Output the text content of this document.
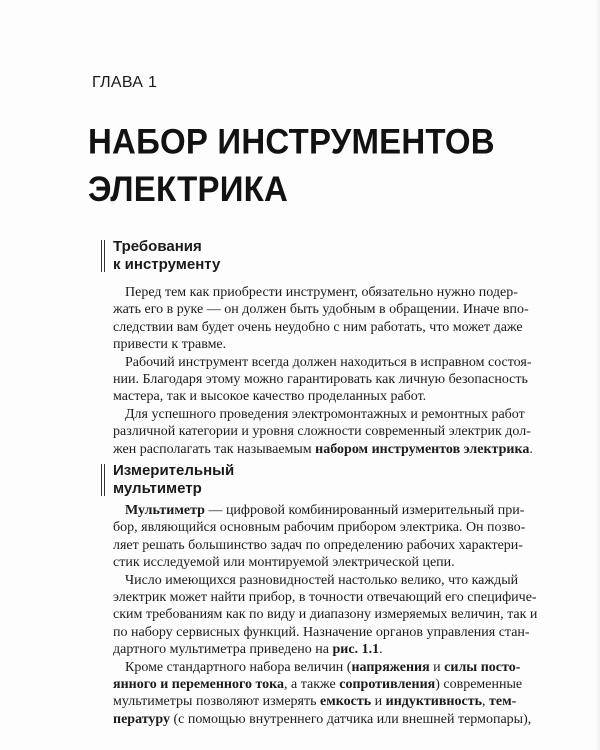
ГЛАВА 1
НАБОР ИНСТРУМЕНТОВ
ЭЛЕКТРИКА
Требования
к инструменту
Перед тем как приобрести инструмент, обязательно нужно подер-
жать его в руке — он должен быть удобным в обращении. Иначе впо-
следствии вам будет очень неудобно с ним работать, что может даже
привести к травме.
Рабочий инструмент всегда должен находиться в исправном состоя-
нии. Благодаря этому можно гарантировать как личную безопасность
мастера, так и высокое качество проделанных работ.
Для успешного проведения электромонтажных и ремонтных работ
различной категории и уровня сложности современный электрик дол-
жен располагать так называемым набором инструментов электрика.
Измерительный
мультиметр
Мультиметр — цифровой комбинированный измерительный при-
бор, являющийся основным рабочим прибором электрика. Он позво-
ляет решать большинство задач по определению рабочих характери-
стик исследуемой или монтируемой электрической цепи.
Число имеющихся разновидностей настолько велико, что каждый
электрик может найти прибор, в точности отвечающий его специфиче-
ским требованиям как по виду и диапазону измеряемых величин, так и
по набору сервисных функций. Назначение органов управления стан-
дартного мультиметра приведено на рис. 1.1.
Кроме стандартного набора величин (напряжения и силы посто-
янного и переменного тока, а также сопротивления) современные
мультиметры позволяют измерять емкость и индуктивность, тем-
пературу (с помощью внутреннего датчика или внешней термопары),
